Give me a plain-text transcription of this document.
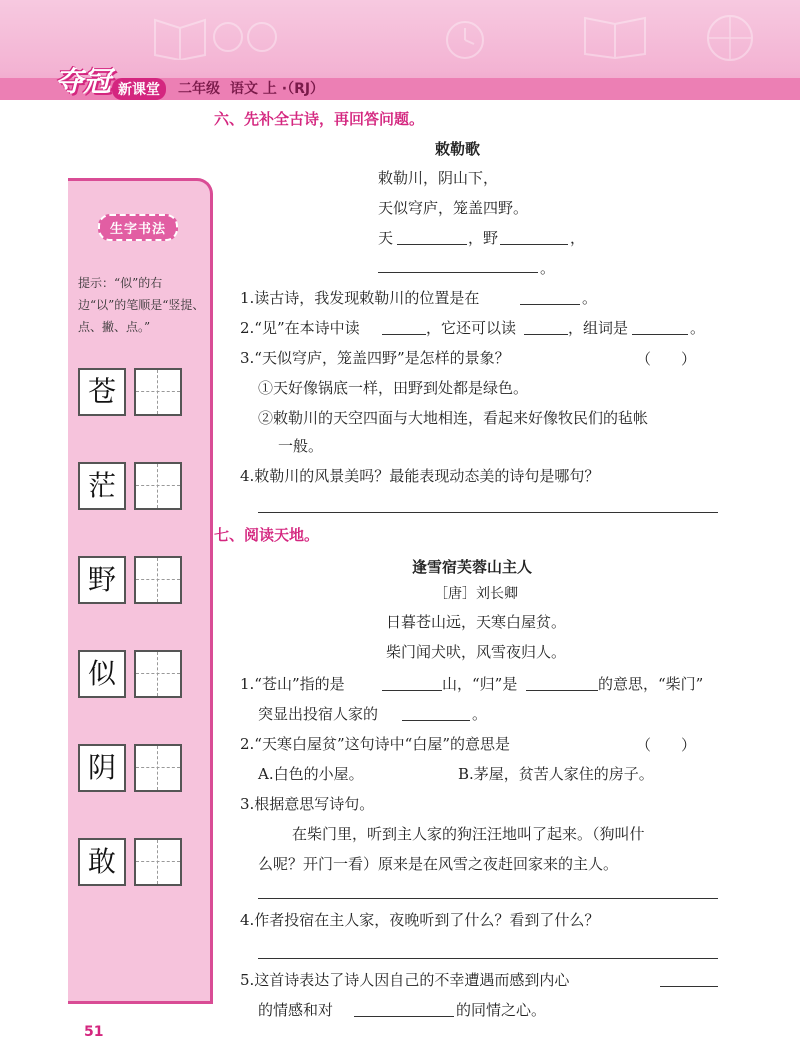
夺冠 新课堂	二年级 语文 上 ·（RJ）
生字书法
提示：“似”的右边“以”的笔顺是“竖提、点、撇、点。”
苍
茫
野
似
阴
敢
六、先补全古诗，再回答问题。
敕勒歌
敕勒川，阴山下，
天似穹庐，笼盖四野。
天	，野	，
。
1.读古诗，我发现敕勒川的位置是在	。
2.“见”在本诗中读	，它还可以读	，组词是	。
3.“天似穹庐，笼盖四野”是怎样的景象？	（　　）
①天好像锅底一样，田野到处都是绿色。
②敕勒川的天空四面与大地相连，看起来好像牧民们的毡帐
一般。
4.敕勒川的风景美吗？最能表现动态美的诗句是哪句？
七、阅读天地。
逢雪宿芙蓉山主人
［唐］刘长卿
日暮苍山远，天寒白屋贫。
柴门闻犬吠，风雪夜归人。
1.“苍山”指的是	山，“归”是	的意思，“柴门”
突显出投宿人家的	。
2.“天寒白屋贫”这句诗中“白屋”的意思是	（　　）
A.白色的小屋。	B.茅屋，贫苦人家住的房子。
3.根据意思写诗句。
在柴门里，听到主人家的狗汪汪地叫了起来。（狗叫什
么呢？开门一看）原来是在风雪之夜赶回家来的主人。
4.作者投宿在主人家，夜晚听到了什么？看到了什么？
5.这首诗表达了诗人因自己的不幸遭遇而感到内心
的情感和对	的同情之心。
51
